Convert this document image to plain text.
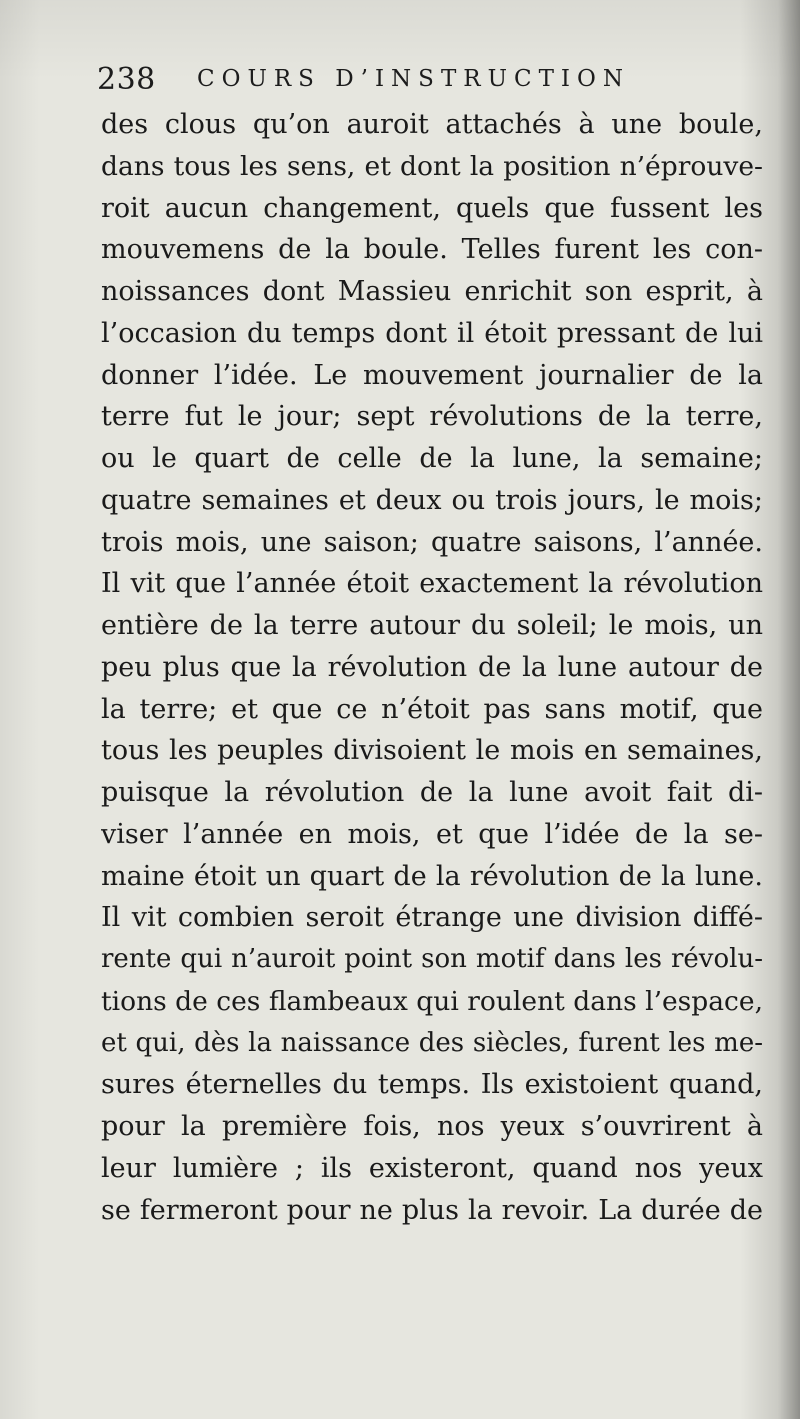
238 COURS D’INSTRUCTION
des clous qu’on auroit attachés à une boule,
dans tous les sens, et dont la position n’éprouve-
roit aucun changement, quels que fussent les
mouvemens de la boule. Telles furent les con-
noissances dont Massieu enrichit son esprit, à
l’occasion du temps dont il étoit pressant de lui
donner l’idée. Le mouvement journalier de la
terre fut le jour; sept révolutions de la terre,
ou le quart de celle de la lune, la semaine;
quatre semaines et deux ou trois jours, le mois;
trois mois, une saison; quatre saisons, l’année.
Il vit que l’année étoit exactement la révolution
entière de la terre autour du soleil; le mois, un
peu plus que la révolution de la lune autour de
la terre; et que ce n’étoit pas sans motif, que
tous les peuples divisoient le mois en semaines,
puisque la révolution de la lune avoit fait di-
viser l’année en mois, et que l’idée de la se-
maine étoit un quart de la révolution de la lune.
Il vit combien seroit étrange une division diffé-
rente qui n’auroit point son motif dans les révolu-
tions de ces flambeaux qui roulent dans l’espace,
et qui, dès la naissance des siècles, furent les me-
sures éternelles du temps. Ils existoient quand,
pour la première fois, nos yeux s’ouvrirent à
leur lumière ; ils existeront, quand nos yeux
se fermeront pour ne plus la revoir. La durée de
